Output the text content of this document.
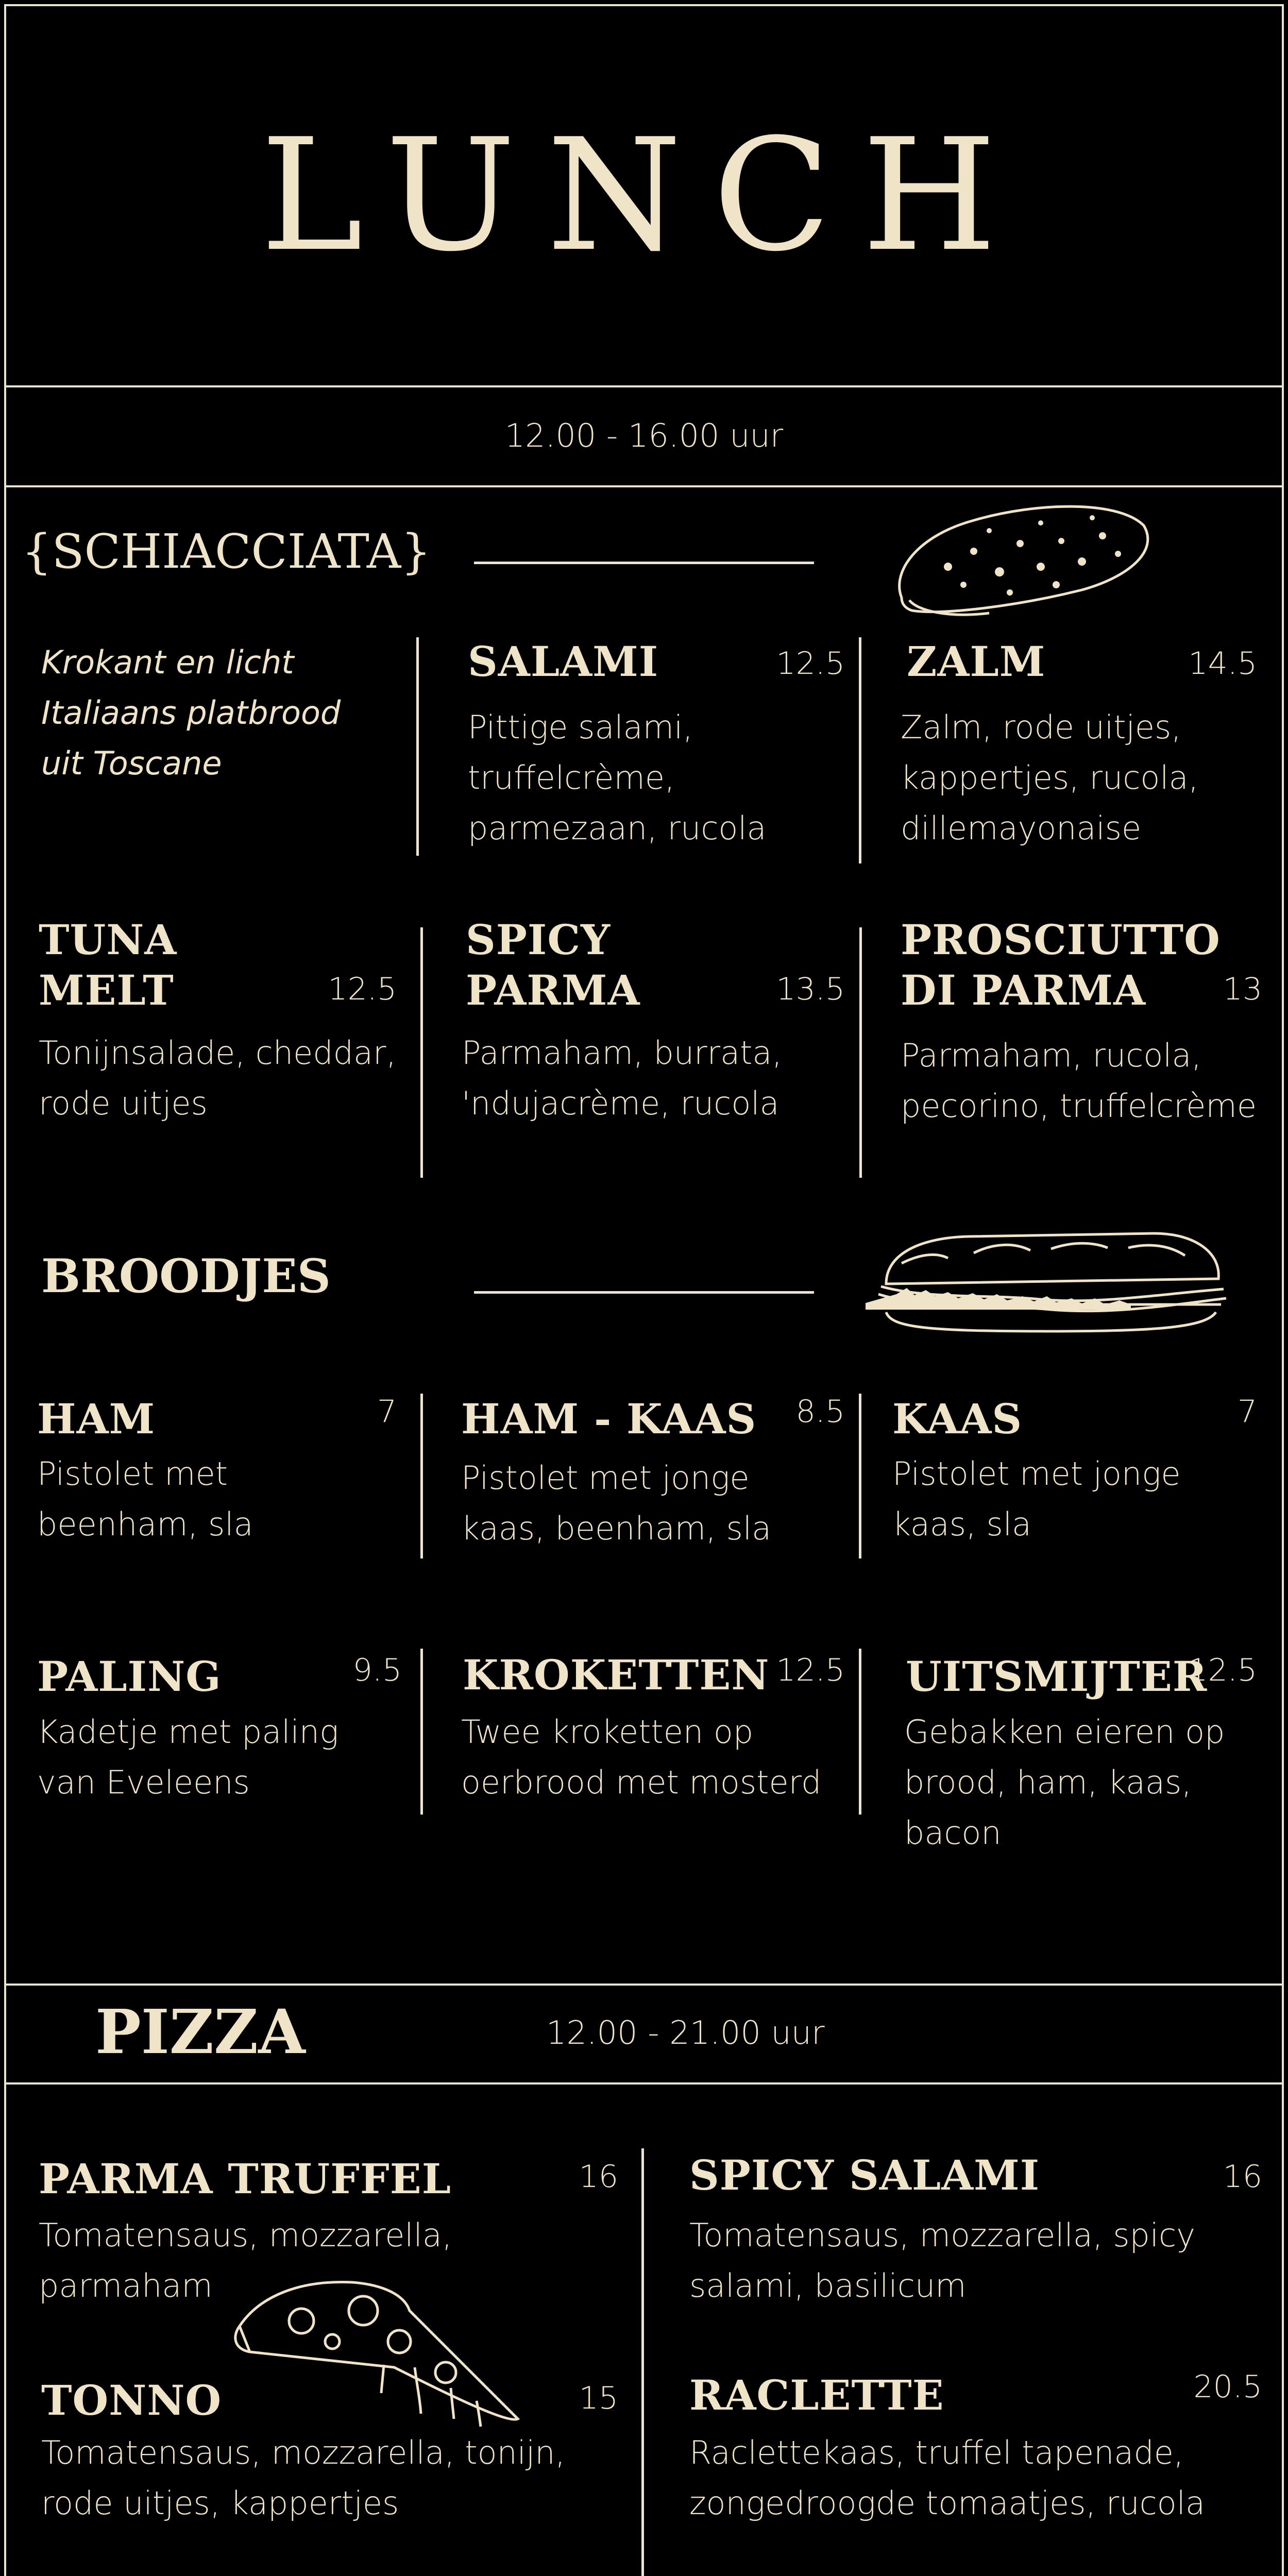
LUNCH
12.00 - 16.00 uur
{SCHIACCIATA}
Krokant en licht
Italiaans platbrood
uit Toscane
SALAMI	12.5
Pittige salami,
truffelcrème,
parmezaan, rucola
ZALM	14.5
Zalm, rode uitjes,
kappertjes, rucola,
dillemayonaise
TUNA
MELT	12.5
Tonijnsalade, cheddar,
rode uitjes
SPICY
PARMA	13.5
Parmaham, burrata,
'ndujacrème, rucola
PROSCIUTTO
DI PARMA	13
Parmaham, rucola,
pecorino, truffelcrème
BROODJES
HAM	7
Pistolet met
beenham, sla
HAM - KAAS	8.5
Pistolet met jonge
kaas, beenham, sla
KAAS	7
Pistolet met jonge
kaas, sla
PALING	9.5
Kadetje met paling
van Eveleens
KROKETTEN 12.5
Twee kroketten op
oerbrood met mosterd
UITSMIJTER
12.5
Gebakken eieren op
brood, ham, kaas,
bacon
PIZZA	12.00 - 21.00 uur
PARMA TRUFFEL	16
Tomatensaus, mozzarella,
parmaham
SPICY SALAMI	16
Tomatensaus, mozzarella, spicy
salami, basilicum
TONNO	15
Tomatensaus, mozzarella, tonijn,
rode uitjes, kappertjes
RACLETTE	20.5
Raclettekaas, truffel tapenade,
zongedroogde tomaatjes, rucola
